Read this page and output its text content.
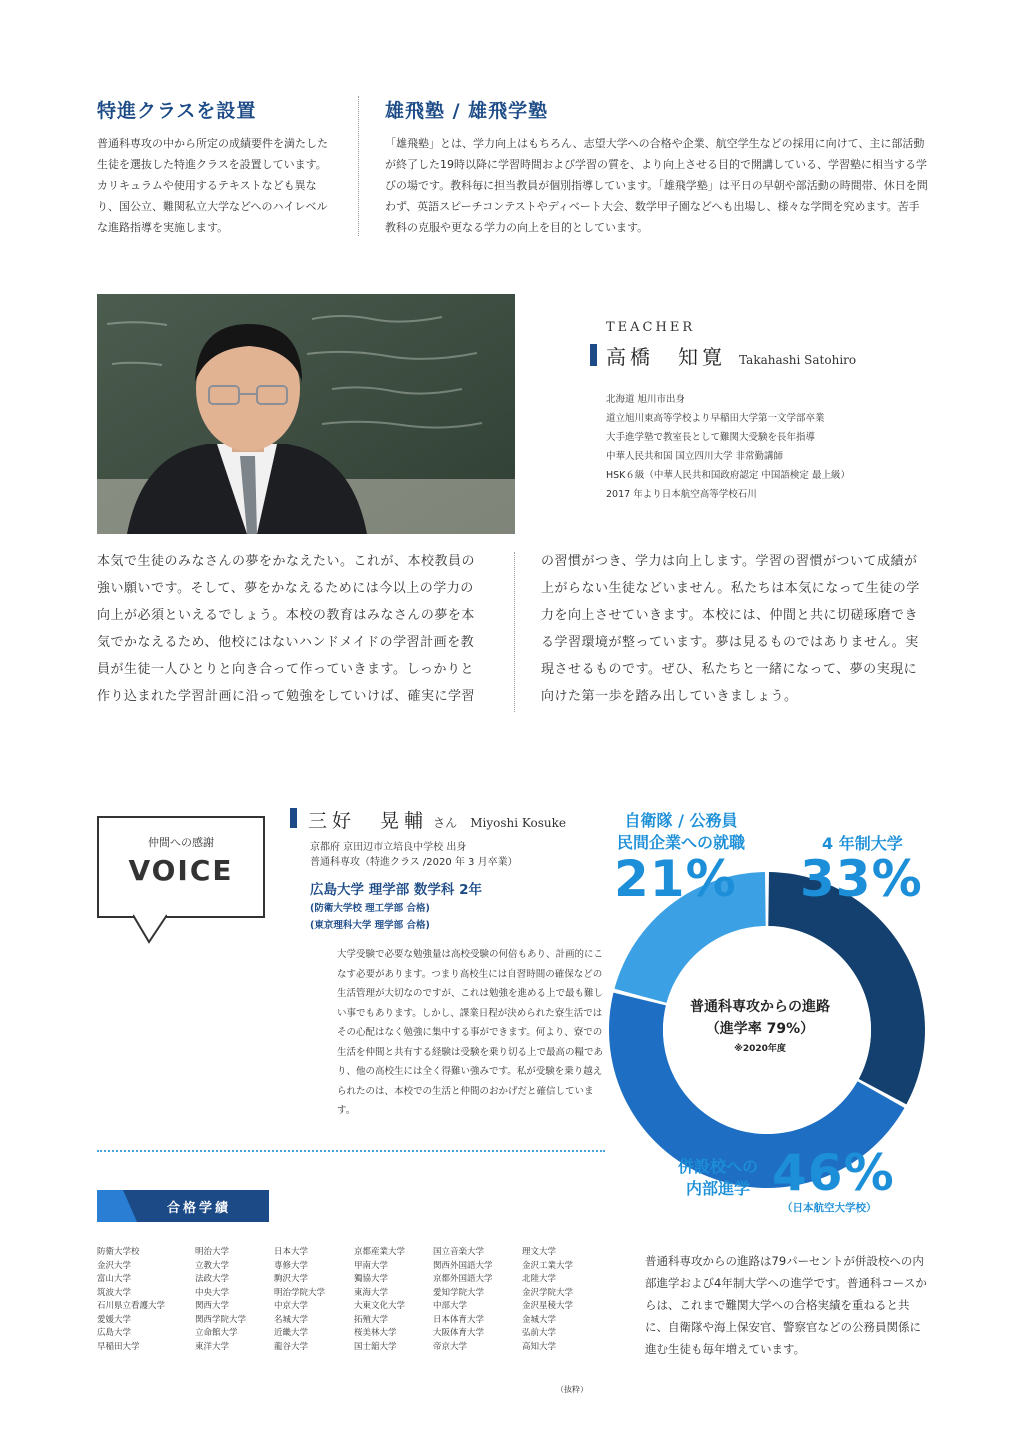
特進クラスを設置
普通科専攻の中から所定の成績要件を満たした生徒を選抜した特進クラスを設置しています。カリキュラムや使用するテキストなども異なり、国公立、難関私立大学などへのハイレベルな進路指導を実施します。
雄飛塾 / 雄飛学塾
「雄飛塾」とは、学力向上はもちろん、志望大学への合格や企業、航空学生などの採用に向けて、主に部活動が終了した19時以降に学習時間および学習の質を、より向上させる目的で開講している、学習塾に相当する学びの場です。教科毎に担当教員が個別指導しています。「雄飛学塾」は平日の早朝や部活動の時間帯、休日を問わず、英語スピーチコンテストやディベート大会、数学甲子園などへも出場し、様々な学問を究めます。苦手教科の克服や更なる学力の向上を目的としています。
TEACHER
高橋　知寛 Takahashi Satohiro

北海道 旭川市出身

道立旭川東高等学校より早稲田大学第一文学部卒業

大手進学塾で教室長として難関大受験を長年指導

中華人民共和国 国立四川大学 非常勤講師

HSK６級（中華人民共和国政府認定 中国語検定 最上級）

2017 年より日本航空高等学校石川

本気で生徒のみなさんの夢をかなえたい。これが、本校教員の強い願いです。そして、夢をかなえるためには今以上の学力の向上が必須といえるでしょう。本校の教育はみなさんの夢を本気でかなえるため、他校にはないハンドメイドの学習計画を教員が生徒一人ひとりと向き合って作っていきます。しっかりと作り込まれた学習計画に沿って勉強をしていけば、確実に学習
の習慣がつき、学力は向上します。学習の習慣がついて成績が上がらない生徒などいません。私たちは本気になって生徒の学力を向上させていきます。本校には、仲間と共に切磋琢磨できる学習環境が整っています。夢は見るものではありません。実現させるものです。ぜひ、私たちと一緒になって、夢の実現に向けた第一歩を踏み出していきましょう。
仲間への感謝
VOICE
三好　晃輔 さん Miyoshi Kosuke
京都府 京田辺市立培良中学校 出身
普通科専攻（特進クラス /2020 年 3 月卒業）
広島大学 理学部 数学科 2年
(防衛大学校 理工学部 合格)
(東京理科大学 理学部 合格)
大学受験で必要な勉強量は高校受験の何倍もあり、計画的にこなす必要があります。つまり高校生には自習時間の確保などの生活管理が大切なのですが、これは勉強を進める上で最も難しい事でもあります。しかし、課業日程が決められた寮生活ではその心配はなく勉強に集中する事ができます。何より、寮での生活を仲間と共有する経験は受験を乗り切る上で最高の糧であり、他の高校生には全く得難い強みです。私が受験を乗り越えられたのは、本校での生活と仲間のおかげだと確信しています。
普通科専攻からの進路
（進学率 79%）
※2020年度
自衛隊 / 公務員
民間企業への就職
21%
4 年制大学
33%
併設校への
内部進学 46%
（日本航空大学校）
合格学績
防衛大学校
金沢大学
富山大学
筑波大学
石川県立看護大学
愛媛大学
広島大学
早稲田大学
明治大学
立教大学
法政大学
中央大学
関西大学
関西学院大学
立命館大学
東洋大学
日本大学
専修大学
駒沢大学
明治学院大学
中京大学
名城大学
近畿大学
龍谷大学
京都産業大学
甲南大学
獨協大学
東海大学
大東文化大学
拓殖大学
桜美林大学
国士舘大学
国立音楽大学
関西外国語大学
京都外国語大学
愛知学院大学
中部大学
日本体育大学
大阪体育大学
帝京大学
理文大学
金沢工業大学
北陸大学
金沢学院大学
金沢星稜大学
金城大学
弘前大学
高知大学
（抜粋）
普通科専攻からの進路は79パーセントが併設校への内部進学および4年制大学への進学です。普通科コースからは、これまで難関大学への合格実績を重ねると共に、自衛隊や海上保安官、警察官などの公務員関係に進む生徒も毎年増えています。
